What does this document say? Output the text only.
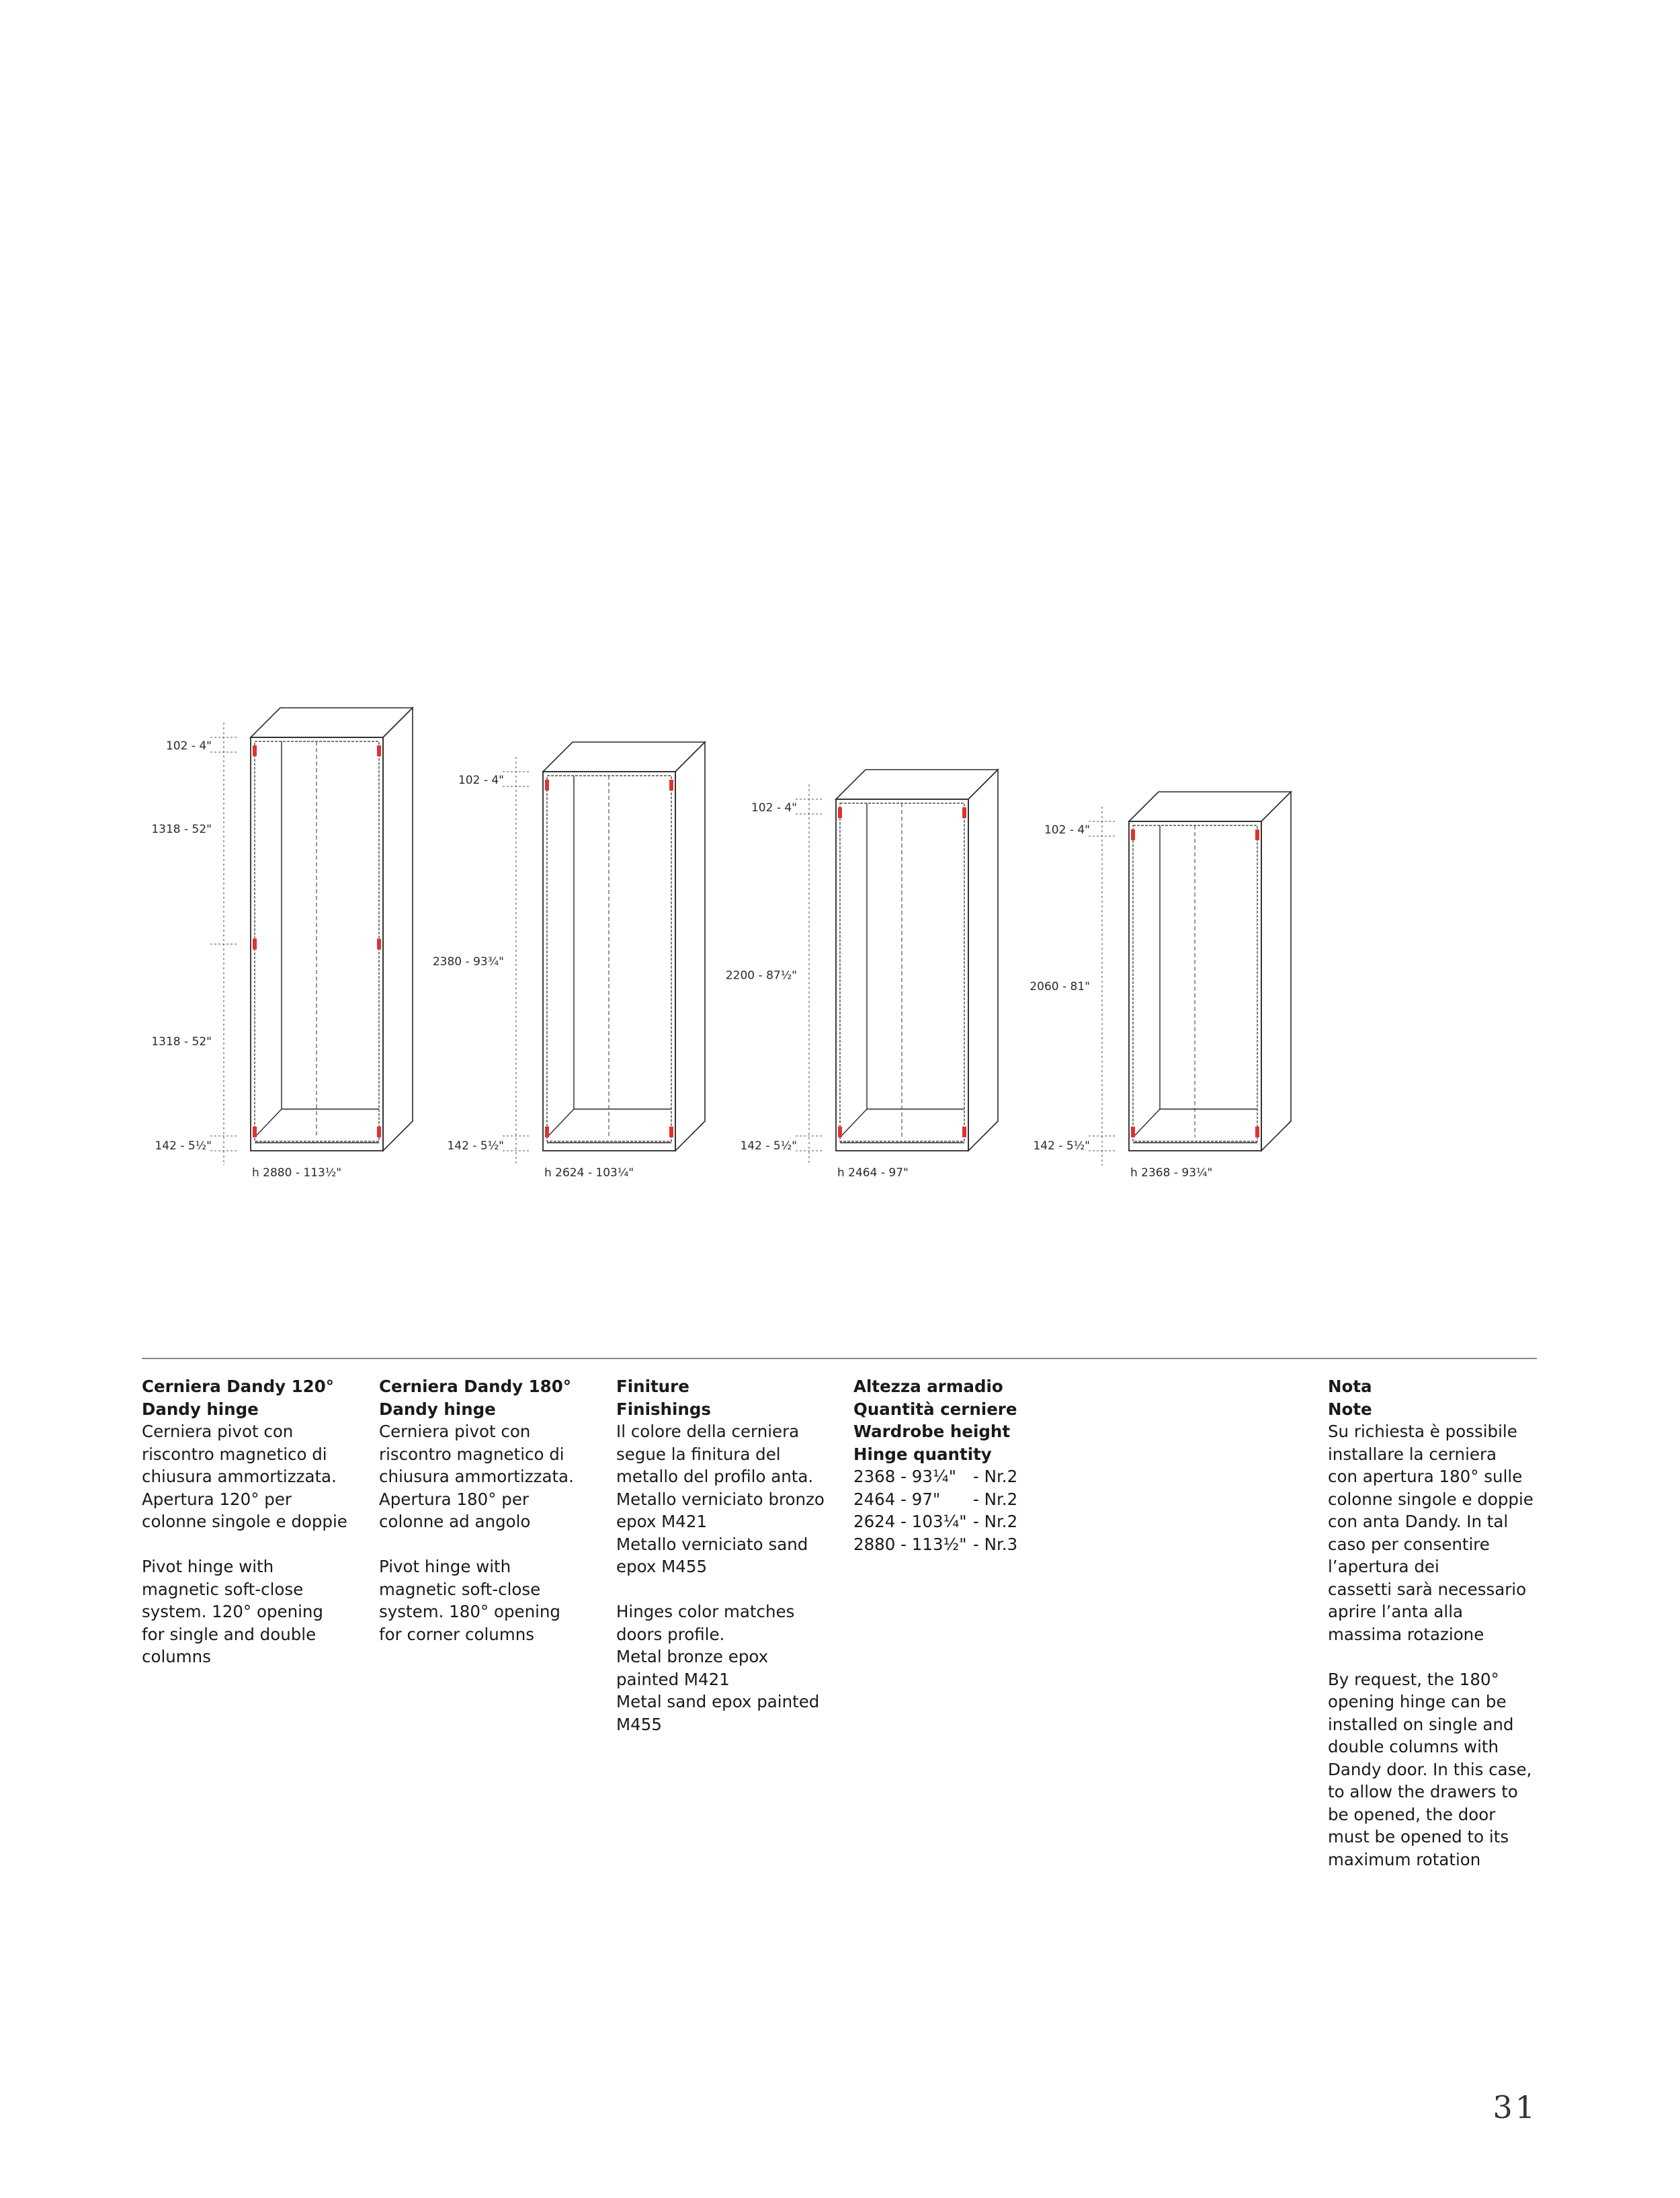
102 - 4"
1318 - 52"
1318 - 52"
142 - 5½"
h 2880 - 113½"
102 - 4"
2380 - 93¾"
142 - 5½"
h 2624 - 103¼"
102 - 4"
2200 - 87½"
142 - 5½"
h 2464 - 97"
102 - 4"
2060 - 81"
142 - 5½"
h 2368 - 93¼"
Cerniera Dandy 120°
Dandy hinge
Cerniera pivot con
riscontro magnetico di
chiusura ammortizzata.
Apertura 120° per
colonne singole e doppie
Pivot hinge with
magnetic soft-close
system. 120° opening
for single and double
columns
Cerniera Dandy 180°
Dandy hinge
Cerniera pivot con
riscontro magnetico di
chiusura ammortizzata.
Apertura 180° per
colonne ad angolo
Pivot hinge with
magnetic soft-close
system. 180° opening
for corner columns
Finiture
Finishings
Il colore della cerniera
segue la finitura del
metallo del profilo anta.
Metallo verniciato bronzo
epox M421
Metallo verniciato sand
epox M455
Hinges color matches
doors profile.
Metal bronze epox
painted M421
Metal sand epox painted
M455
Altezza armadio
Quantità cerniere
Wardrobe height
Hinge quantity
2368 - 93¼"	- Nr.2
2464 - 97"	- Nr.2
2624 - 103¼" - Nr.2
2880 - 113½" - Nr.3
Nota
Note
Su richiesta è possibile
installare la cerniera
con apertura 180° sulle
colonne singole e doppie
con anta Dandy. In tal
caso per consentire
l’apertura dei
cassetti sarà necessario
aprire l’anta alla
massima rotazione
By request, the 180°
opening hinge can be
installed on single and
double columns with
Dandy door. In this case,
to allow the drawers to
be opened, the door
must be opened to its
maximum rotation
31
